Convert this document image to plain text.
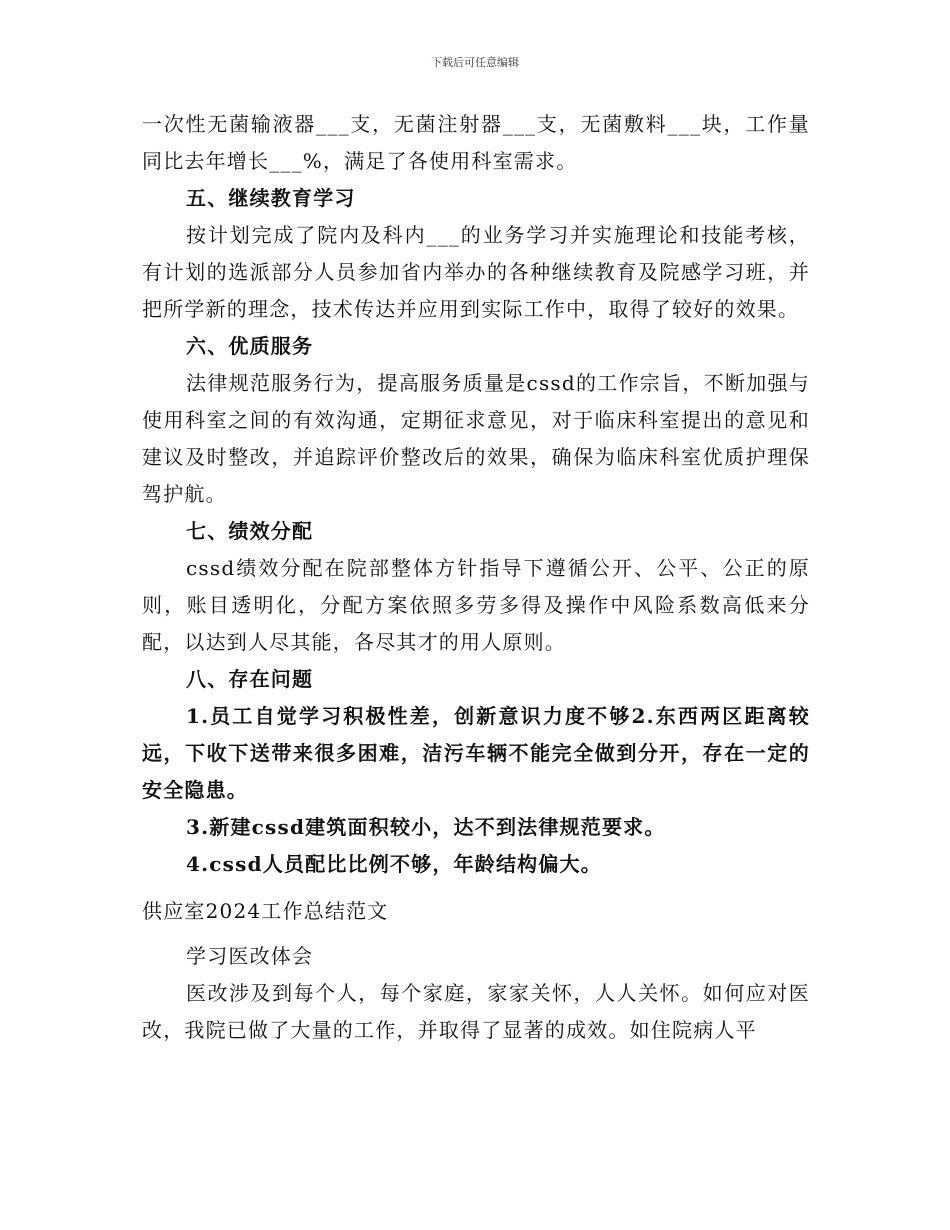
下载后可任意编辑

一次性无菌输液器___支，无菌注射器___支，无菌敷料___块，工作量同比去年增长___%，满足了各使用科室需求。

五、继续教育学习

按计划完成了院内及科内___的业务学习并实施理论和技能考核，有计划的选派部分人员参加省内举办的各种继续教育及院感学习班，并把所学新的理念，技术传达并应用到实际工作中，取得了较好的效果。

六、优质服务

法律规范服务行为，提高服务质量是cssd的工作宗旨，不断加强与使用科室之间的有效沟通，定期征求意见，对于临床科室提出的意见和建议及时整改，并追踪评价整改后的效果，确保为临床科室优质护理保驾护航。

七、绩效分配

cssd绩效分配在院部整体方针指导下遵循公开、公平、公正的原则，账目透明化，分配方案依照多劳多得及操作中风险系数高低来分配，以达到人尽其能，各尽其才的用人原则。

八、存在问题

1.员工自觉学习积极性差，创新意识力度不够2.东西两区距离较远，下收下送带来很多困难，洁污车辆不能完全做到分开，存在一定的安全隐患。

3.新建cssd建筑面积较小，达不到法律规范要求。

4.cssd人员配比比例不够，年龄结构偏大。

供应室2024工作总结范文

学习医改体会

医改涉及到每个人，每个家庭，家家关怀，人人关怀。如何应对医改，我院已做了大量的工作，并取得了显著的成效。如住院病人平
